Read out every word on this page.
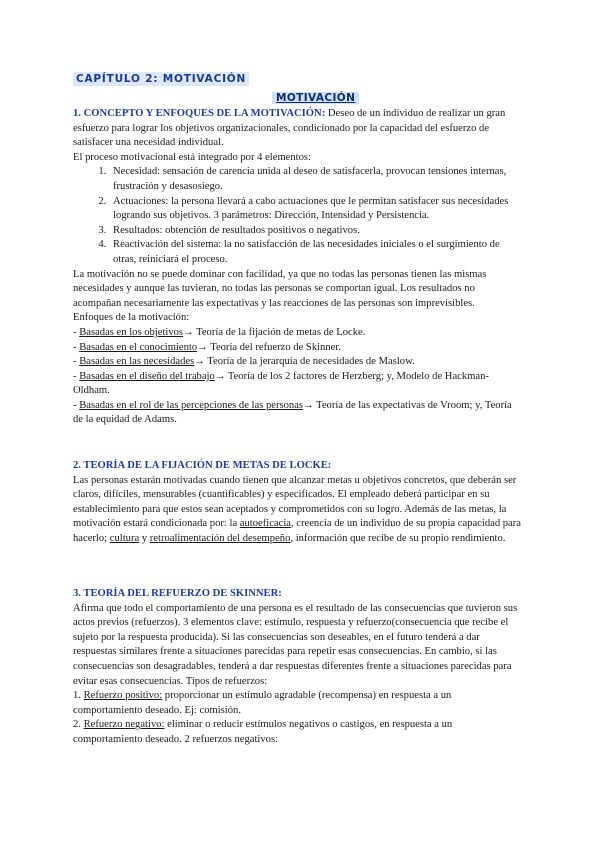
CAPÍTULO 2: MOTIVACIÓN
MOTIVACIÓN

1. CONCEPTO Y ENFOQUES DE LA MOTIVACIÓN: Deseo de un individuo de realizar un gran esfuerzo para lograr los objetivos organizacionales, condicionado por la capacidad del esfuerzo de satisfacer una necesidad individual.

El proceso motivacional está integrado por 4 elementos:

1. Necesidad: sensación de carencia unida al deseo de satisfacerla, provocan tensiones internas, frustración y desasosiego.
2. Actuaciones: la persona llevará a cabo actuaciones que le permitan satisfacer sus necesidades logrando sus objetivos. 3 parámetros: Dirección, Intensidad y Persistencia.
3. Resultados: obtención de resultados positivos o negativos.
4. Reactivación del sistema: la no satisfacción de las necesidades iniciales o el surgimiento de otras, reiniciará el proceso.

La motivación no se puede dominar con facilidad, ya que no todas las personas tienen las mismas necesidades y aunque las tuvieran, no todas las personas se comportan igual. Los resultados no acompañan necesariamente las expectativas y las reacciones de las personas son imprevisibles.

Enfoques de la motivación:

- Basadas en los objetivos→ Teoría de la fijación de metas de Locke.

- Basadas en el conocimiento→ Teoría del refuerzo de Skinner.

- Basadas en las necesidades→ Teoría de la jerarquía de necesidades de Maslow.

- Basadas en el diseño del trabajo→ Teoría de los 2 factores de Herzberg; y, Modelo de Hackman-Oldham.

- Basadas en el rol de las percepciones de las personas→ Teoría de las expectativas de Vroom; y, Teoría de la equidad de Adams.

2. TEORÍA DE LA FIJACIÓN DE METAS DE LOCKE:

Las personas estarán motivadas cuando tienen que alcanzar metas u objetivos concretos, que deberán ser claros, difíciles, mensurables (cuantificables) y especificados. El empleado deberá participar en su establecimiento para que estos sean aceptados y comprometidos con su logro. Además de las metas, la motivación estará condicionada por: la autoeficacia, creencia de un individuo de su propia capacidad para hacerlo; cultura y retroalimentación del desempeño, información que recibe de su propio rendimiento.

3. TEORÍA DEL REFUERZO DE SKINNER:

Afirma que todo el comportamiento de una persona es el resultado de las consecuencias que tuvieron sus actos previos (refuerzos). 3 elementos clave: estímulo, respuesta y refuerzo(consecuencia que recibe el sujeto por la respuesta producida). Si las consecuencias son deseables, en el futuro tenderá a dar respuestas similares frente a situaciones parecidas para repetir esas consecuencias. En cambio, si las consecuencias son desagradables, tenderá a dar respuestas diferentes frente a situaciones parecidas para evitar esas consecuencias. Tipos de refuerzos:

1. Refuerzo positivo: proporcionar un estímulo agradable (recompensa) en respuesta a un comportamiento deseado. Ej: comisión.

2. Refuerzo negativo: eliminar o reducir estímulos negativos o castigos, en respuesta a un comportamiento deseado. 2 refuerzos negativos:
